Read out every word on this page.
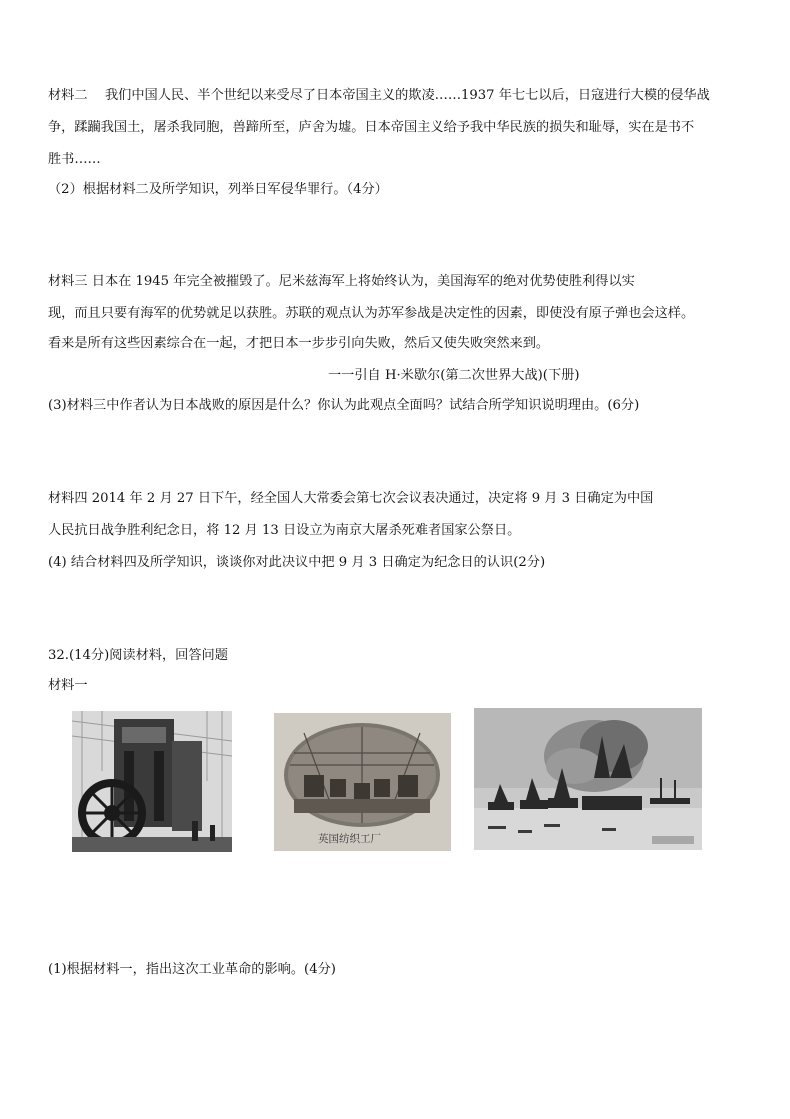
材料二　 我们中国人民、半个世纪以来受尽了日本帝国主义的欺凌……1937 年七七以后，日寇进行大模的侵华战
争，蹂躏我国土，屠杀我同胞，兽蹄所至，庐舍为墟。日本帝国主义给予我中华民族的损失和耻辱，实在是书不
胜书……
（2）根据材料二及所学知识，列举日军侵华罪行。（4分）
材料三 日本在 1945 年完全被摧毁了。尼米兹海军上将始终认为，美国海军的绝对优势使胜利得以实
现，而且只要有海军的优势就足以获胜。苏联的观点认为苏军参战是决定性的因素，即使没有原子弹也会这样。
看来是所有这些因素综合在一起，才把日本一步步引向失败，然后又使失败突然来到。
一一引自 H·米歇尔(第二次世界大战)(下册)
(3)材料三中作者认为日本战败的原因是什么？你认为此观点全面吗？试结合所学知识说明理由。(6分)
材料四 2014 年 2 月 27 日下午，经全国人大常委会第七次会议表决通过，决定将 9 月 3 日确定为中国
人民抗日战争胜利纪念日，将 12 月 13 日设立为南京大屠杀死难者国家公祭日。
(4) 结合材料四及所学知识，谈谈你对此决议中把 9 月 3 日确定为纪念日的认识(2分)
32.(14分)阅读材料，回答问题
材料一
英国纺织工厂
(1)根据材料一，指出这次工业革命的影响。(4分)
